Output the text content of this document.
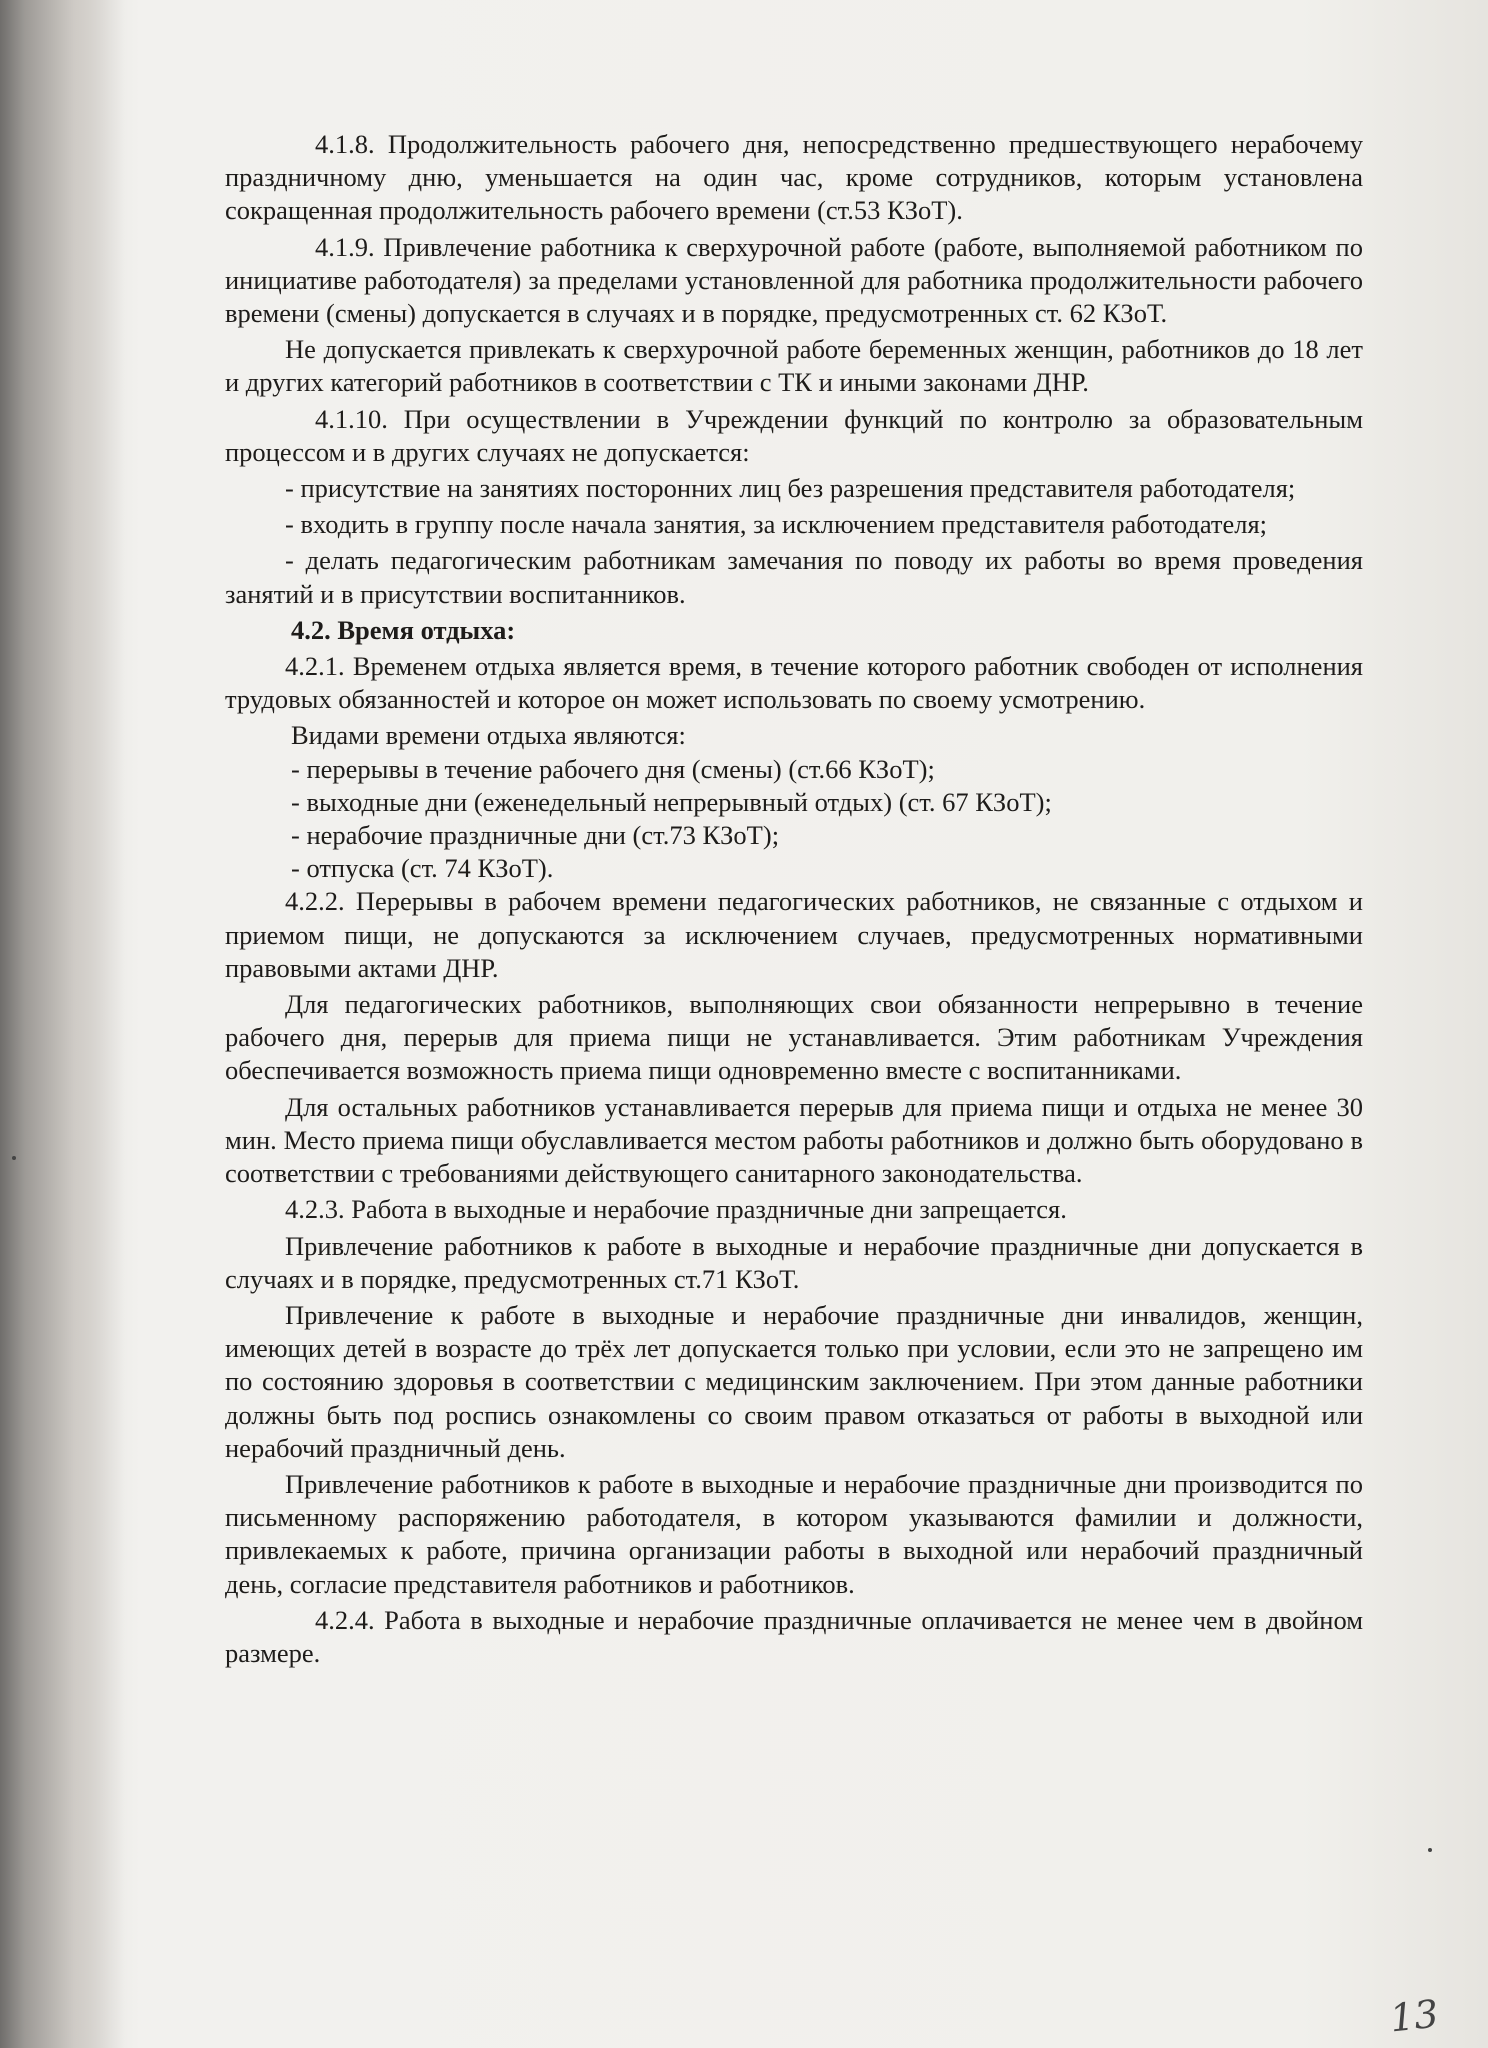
4.1.8. Продолжительность рабочего дня, непосредственно предшествующего нерабочему праздничному дню, уменьшается на один час, кроме сотрудников, которым установлена сокращенная продолжительность рабочего времени (ст.53 КЗоТ).

4.1.9. Привлечение работника к сверхурочной работе (работе, выполняемой работником по инициативе работодателя) за пределами установленной для работника продолжительности рабочего времени (смены) допускается в случаях и в порядке, предусмотренных ст. 62 КЗоТ.

Не допускается привлекать к сверхурочной работе беременных женщин, работников до 18 лет и других категорий работников в соответствии с ТК и иными законами ДНР.

4.1.10. При осуществлении в Учреждении функций по контролю за образовательным процессом и в других случаях не допускается:

- присутствие на занятиях посторонних лиц без разрешения представителя работодателя;

- входить в группу после начала занятия, за исключением представителя работодателя;

- делать педагогическим работникам замечания по поводу их работы во время проведения занятий и в присутствии воспитанников.

4.2. Время отдыха:

4.2.1. Временем отдыха является время, в течение которого работник свободен от исполнения трудовых обязанностей и которое он может использовать по своему усмотрению.

Видами времени отдыха являются:

- перерывы в течение рабочего дня (смены) (ст.66 КЗоТ);

- выходные дни (еженедельный непрерывный отдых) (ст. 67 КЗоТ);

- нерабочие праздничные дни (ст.73 КЗоТ);

- отпуска (ст. 74 КЗоТ).

4.2.2. Перерывы в рабочем времени педагогических работников, не связанные с отдыхом и приемом пищи, не допускаются за исключением случаев, предусмотренных нормативными правовыми актами ДНР.

Для педагогических работников, выполняющих свои обязанности непрерывно в течение рабочего дня, перерыв для приема пищи не устанавливается. Этим работникам Учреждения обеспечивается возможность приема пищи одновременно вместе с воспитанниками.

Для остальных работников устанавливается перерыв для приема пищи и отдыха не менее 30 мин. Место приема пищи обуславливается местом работы работников и должно быть оборудовано в соответствии с требованиями действующего санитарного законодательства.

4.2.3. Работа в выходные и нерабочие праздничные дни запрещается.

Привлечение работников к работе в выходные и нерабочие праздничные дни допускается в случаях и в порядке, предусмотренных ст.71 КЗоТ.

Привлечение к работе в выходные и нерабочие праздничные дни инвалидов, женщин, имеющих детей в возрасте до трёх лет допускается только при условии, если это не запрещено им по состоянию здоровья в соответствии с медицинским заключением. При этом данные работники должны быть под роспись ознакомлены со своим правом отказаться от работы в выходной или нерабочий праздничный день.

Привлечение работников к работе в выходные и нерабочие праздничные дни производится по письменному распоряжению работодателя, в котором указываются фамилии и должности, привлекаемых к работе, причина организации работы в выходной или нерабочий праздничный день, согласие представителя работников и работников.

4.2.4. Работа в выходные и нерабочие праздничные оплачивается не менее чем в двойном размере.

13
